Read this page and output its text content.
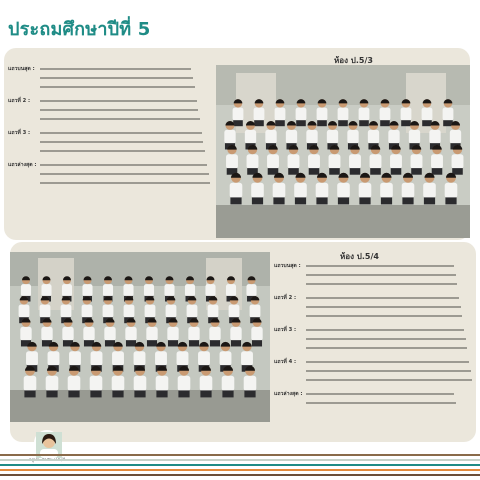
ประถมศึกษาปีที่ 5
ห้อง ป.5/3
แถวบนสุด :
แถวที่ 2 :
แถวที่ 3 :
แถวล่างสุด :
ห้อง ป.5/4
แถวบนสุด :
แถวที่ 2 :
แถวที่ 3 :
แถวที่ 4 :
แถวล่างสุด :
